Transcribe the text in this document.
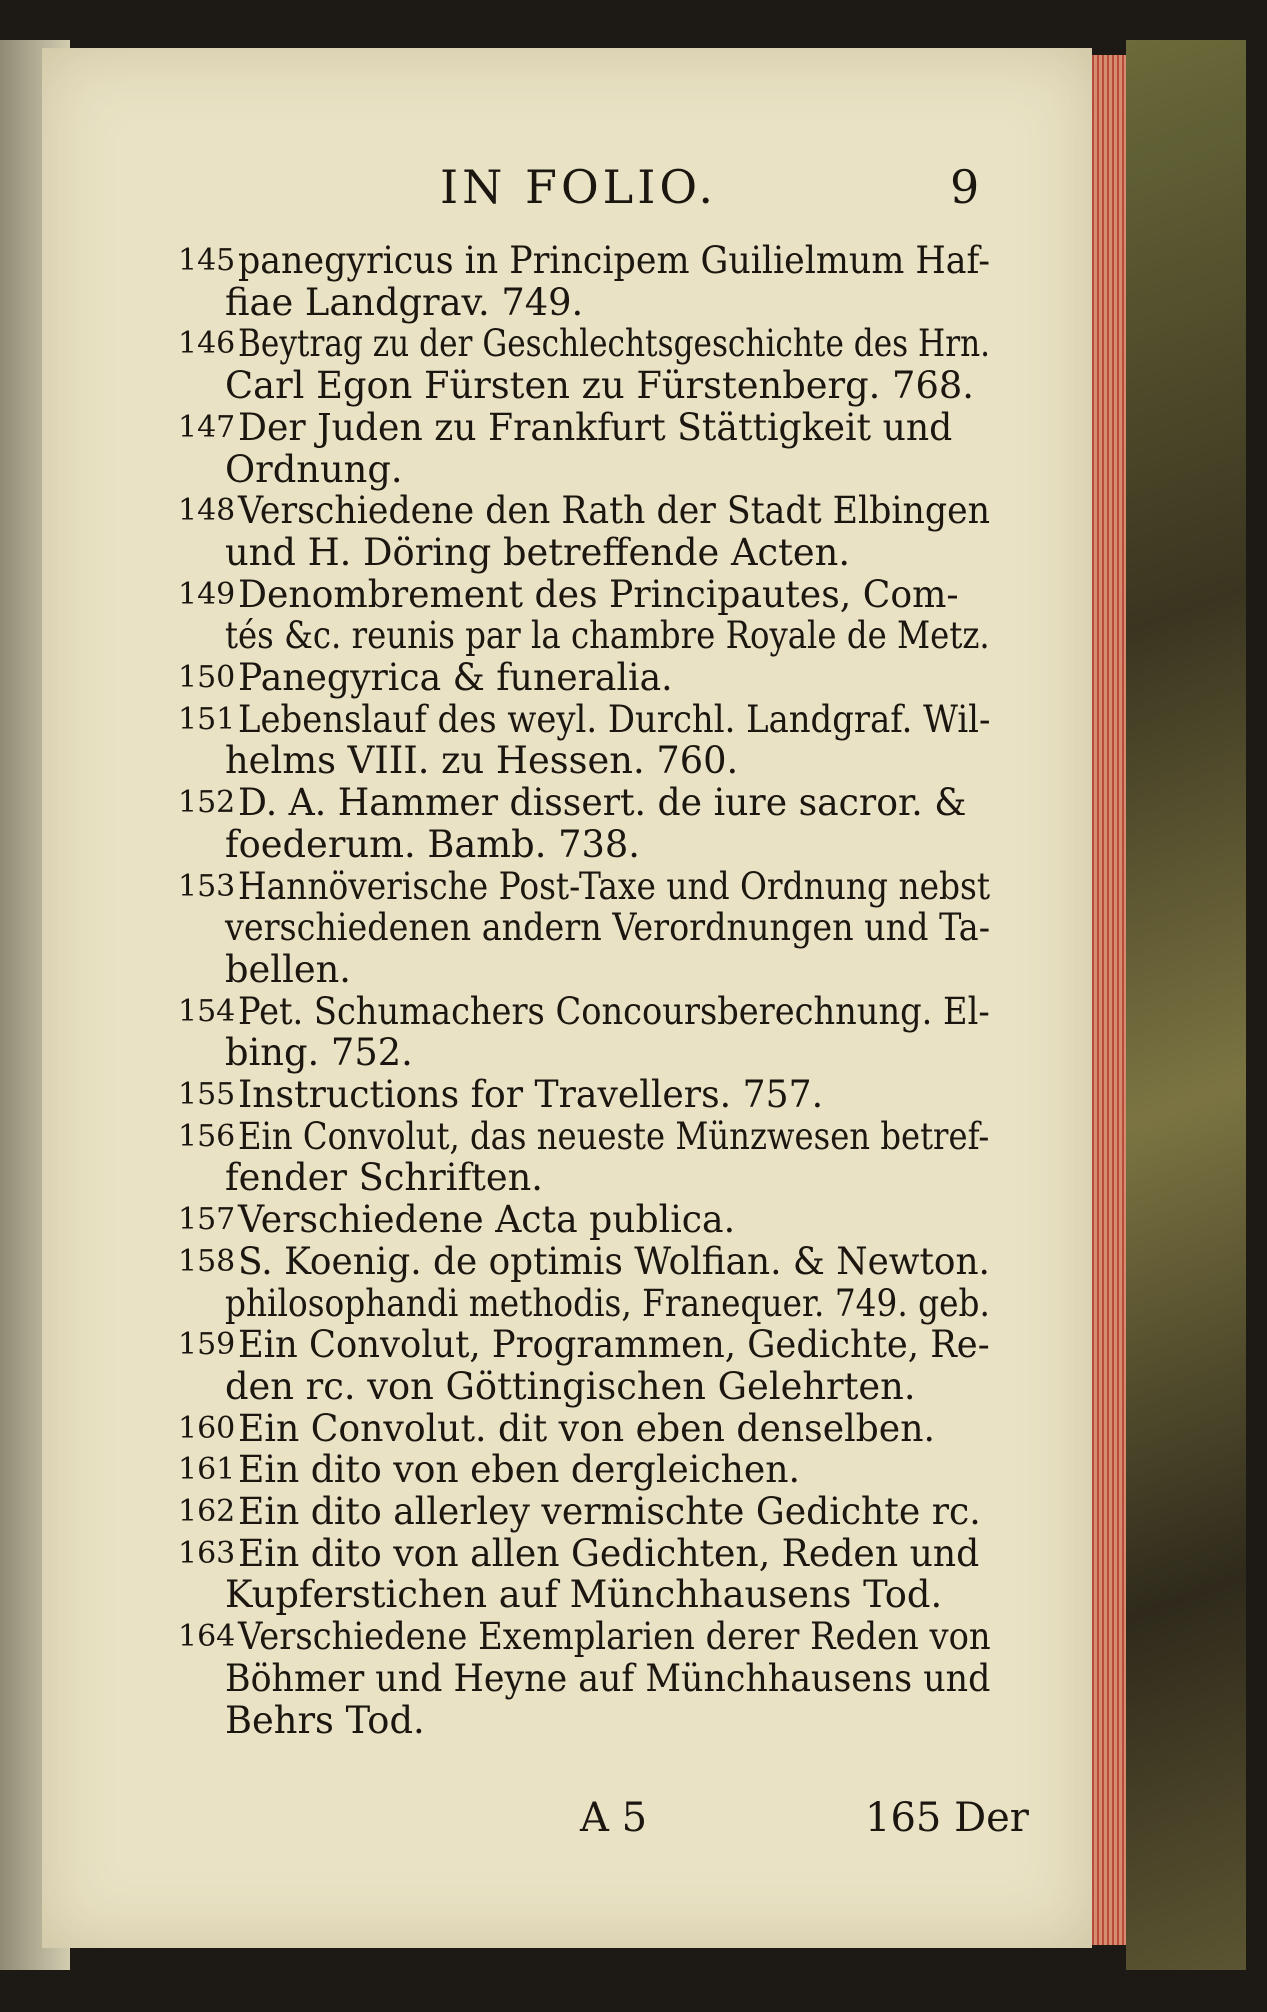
IN FOLIO.	9
145 panegyricus in Principem Guilielmum Haf-
fiae Landgrav. 749.
146 Beytrag zu der Geschlechtsgeschichte des Hrn.
Carl Egon Fürsten zu Fürstenberg. 768.
147 Der Juden zu Frankfurt Stättigkeit und
Ordnung.
148 Verschiedene den Rath der Stadt Elbingen
und H. Döring betreffende Acten.
149 Denombrement des Principautes, Com-
tés &c. reunis par la chambre Royale de Metz.
150 Panegyrica & funeralia.
151 Lebenslauf des weyl. Durchl. Landgraf. Wil-
helms VIII. zu Hessen. 760.
152 D. A. Hammer dissert. de iure sacror. &
foederum. Bamb. 738.
153 Hannöverische Post-Taxe und Ordnung nebst
verschiedenen andern Verordnungen und Ta-
bellen.
154 Pet. Schumachers Concoursberechnung. El-
bing. 752.
155 Instructions for Travellers. 757.
156 Ein Convolut, das neueste Münzwesen betref-
fender Schriften.
157 Verschiedene Acta publica.
158 S. Koenig. de optimis Wolfian. & Newton.
philosophandi methodis, Franequer. 749. geb.
159 Ein Convolut, Programmen, Gedichte, Re-
den rc. von Göttingischen Gelehrten.
160 Ein Convolut. dit von eben denselben.
161 Ein dito von eben dergleichen.
162 Ein dito allerley vermischte Gedichte rc.
163 Ein dito von allen Gedichten, Reden und
Kupferstichen auf Münchhausens Tod.
164 Verschiedene Exemplarien derer Reden von
Böhmer und Heyne auf Münchhausens und
Behrs Tod.
A 5	165 Der
